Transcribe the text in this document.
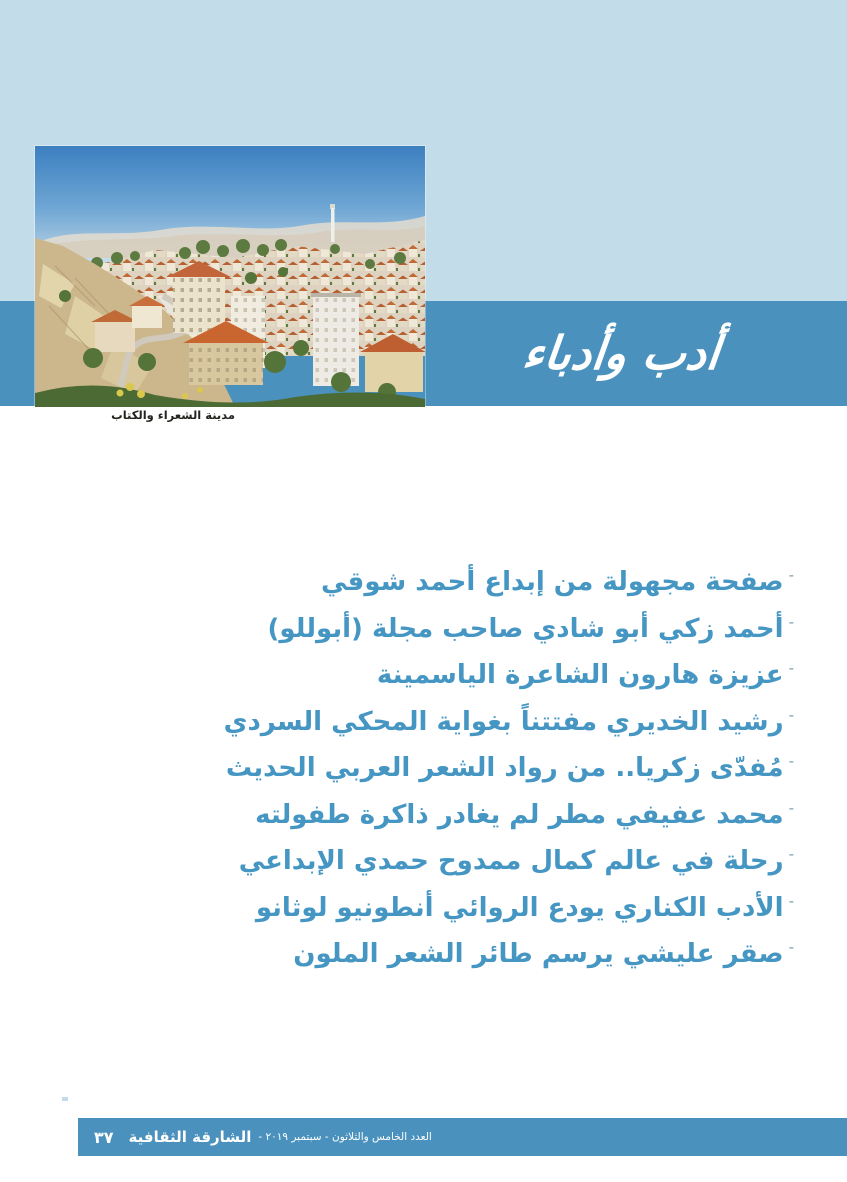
أدب وأدباء
مدينة الشعراء والكتاب
-صفحة مجهولة من إبداع أحمد شوقي
-أحمد زكي أبو شادي صاحب مجلة (أبوللو)
-عزيزة هارون الشاعرة الياسمينة
-رشيد الخديري مفتتناً بغواية المحكي السردي
-مُفدّى زكريا.. من رواد الشعر العربي الحديث
-محمد عفيفي مطر لم يغادر ذاكرة طفولته
-رحلة في عالم كمال ممدوح حمدي الإبداعي
-الأدب الكناري يودع الروائي أنطونيو لوثانو
-صقر عليشي يرسم طائر الشعر الملون
العدد الخامس والثلاثون - سبتمبر ٢٠١٩ -
الشارقة الثقافية
٣٧
